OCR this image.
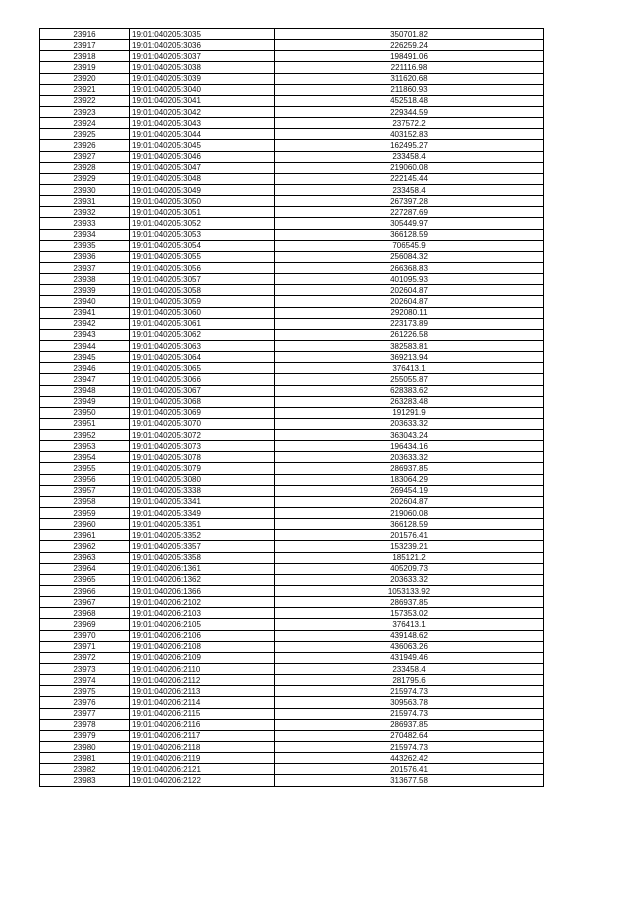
23916	19:01:040205:3035	350701.82
23917	19:01:040205:3036	226259.24
23918	19:01:040205:3037	198491.06
23919	19:01:040205:3038	221116.98
23920	19:01:040205:3039	311620.68
23921	19:01:040205:3040	211860.93
23922	19:01:040205:3041	452518.48
23923	19:01:040205:3042	229344.59
23924	19:01:040205:3043	237572.2
23925	19:01:040205:3044	403152.83
23926	19:01:040205:3045	162495.27
23927	19:01:040205:3046	233458.4
23928	19:01:040205:3047	219060.08
23929	19:01:040205:3048	222145.44
23930	19:01:040205:3049	233458.4
23931	19:01:040205:3050	267397.28
23932	19:01:040205:3051	227287.69
23933	19:01:040205:3052	305449.97
23934	19:01:040205:3053	366128.59
23935	19:01:040205:3054	706545.9
23936	19:01:040205:3055	256084.32
23937	19:01:040205:3056	266368.83
23938	19:01:040205:3057	401095.93
23939	19:01:040205:3058	202604.87
23940	19:01:040205:3059	202604.87
23941	19:01:040205:3060	292080.11
23942	19:01:040205:3061	223173.89
23943	19:01:040205:3062	261226.58
23944	19:01:040205:3063	382583.81
23945	19:01:040205:3064	369213.94
23946	19:01:040205:3065	376413.1
23947	19:01:040205:3066	255055.87
23948	19:01:040205:3067	628383.62
23949	19:01:040205:3068	263283.48
23950	19:01:040205:3069	191291.9
23951	19:01:040205:3070	203633.32
23952	19:01:040205:3072	363043.24
23953	19:01:040205:3073	196434.16
23954	19:01:040205:3078	203633.32
23955	19:01:040205:3079	286937.85
23956	19:01:040205:3080	183064.29
23957	19:01:040205:3338	269454.19
23958	19:01:040205:3341	202604.87
23959	19:01:040205:3349	219060.08
23960	19:01:040205:3351	366128.59
23961	19:01:040205:3352	201576.41
23962	19:01:040205:3357	153239.21
23963	19:01:040205:3358	185121.2
23964	19:01:040206:1361	405209.73
23965	19:01:040206:1362	203633.32
23966	19:01:040206:1366	1053133.92
23967	19:01:040206:2102	286937.85
23968	19:01:040206:2103	157353.02
23969	19:01:040206:2105	376413.1
23970	19:01:040206:2106	439148.62
23971	19:01:040206:2108	436063.26
23972	19:01:040206:2109	431949.46
23973	19:01:040206:2110	233458.4
23974	19:01:040206:2112	281795.6
23975	19:01:040206:2113	215974.73
23976	19:01:040206:2114	309563.78
23977	19:01:040206:2115	215974.73
23978	19:01:040206:2116	286937.85
23979	19:01:040206:2117	270482.64
23980	19:01:040206:2118	215974.73
23981	19:01:040206:2119	443262.42
23982	19:01:040206:2121	201576.41
23983	19:01:040206:2122	313677.58
